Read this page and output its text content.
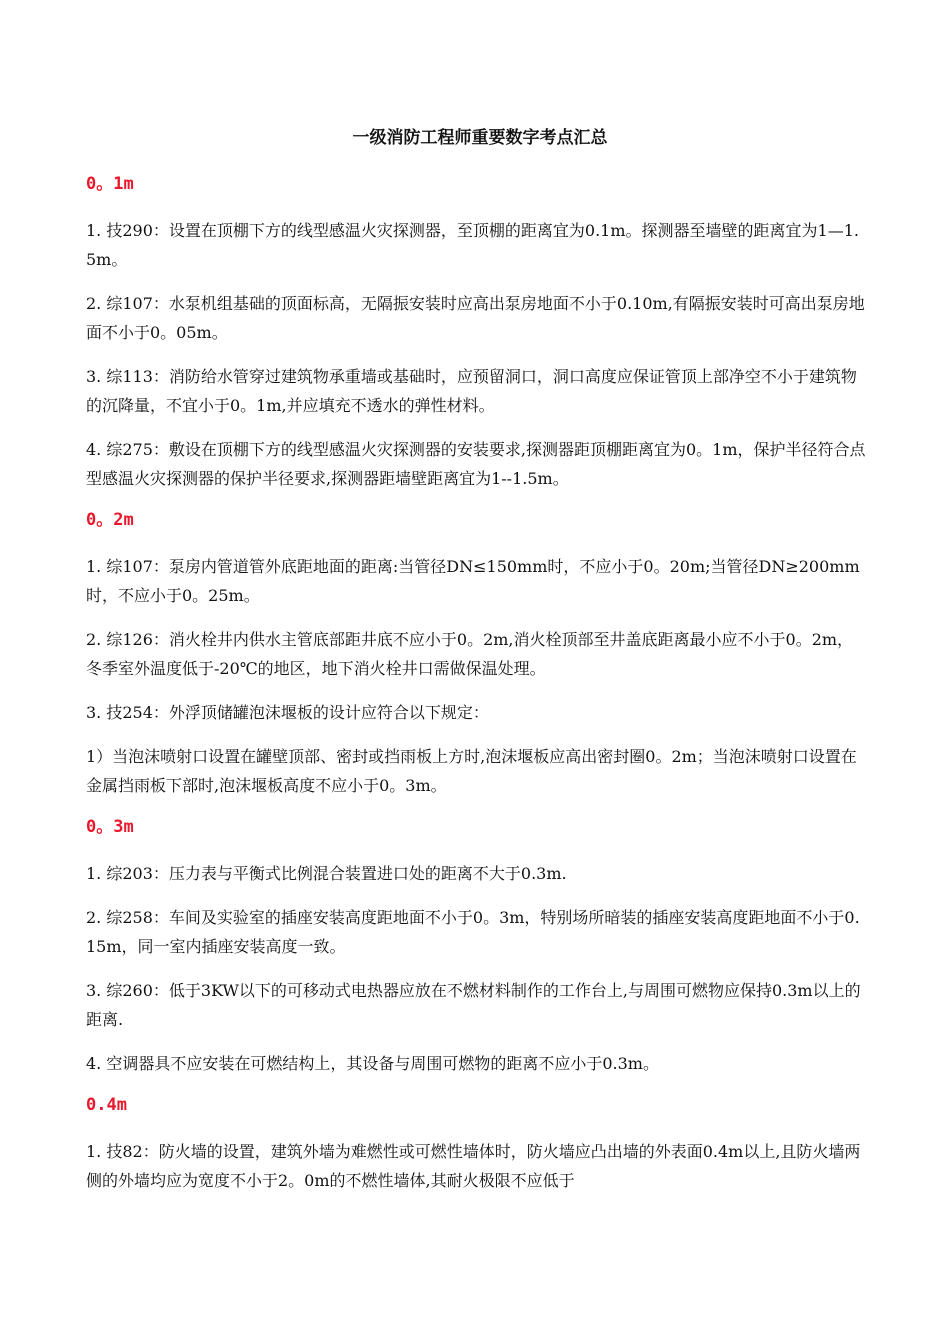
一级消防工程师重要数字考点汇总
0。1m

1. 技290：设置在顶棚下方的线型感温火灾探测器，至顶棚的距离宜为0.1m。探测器至墙壁的距离宜为1—1.5m。

2. 综107：水泵机组基础的顶面标高，无隔振安装时应高出泵房地面不小于0.10m,有隔振安装时可高出泵房地面不小于0。05m。

3. 综113：消防给水管穿过建筑物承重墙或基础时，应预留洞口，洞口高度应保证管顶上部净空不小于建筑物的沉降量，不宜小于0。1m,并应填充不透水的弹性材料。

4. 综275：敷设在顶棚下方的线型感温火灾探测器的安装要求,探测器距顶棚距离宜为0。1m，保护半径符合点型感温火灾探测器的保护半径要求,探测器距墙壁距离宜为1--1.5m。

0。2m

1. 综107：泵房内管道管外底距地面的距离:当管径DN≤150mm时，不应小于0。20m;当管径DN≥200mm时，不应小于0。25m。

2. 综126：消火栓井内供水主管底部距井底不应小于0。2m,消火栓顶部至井盖底距离最小应不小于0。2m，冬季室外温度低于-20℃的地区，地下消火栓井口需做保温处理。

3. 技254：外浮顶储罐泡沫堰板的设计应符合以下规定：

1）当泡沫喷射口设置在罐壁顶部、密封或挡雨板上方时,泡沫堰板应高出密封圈0。2m；当泡沫喷射口设置在金属挡雨板下部时,泡沫堰板高度不应小于0。3m。

0。3m

1. 综203：压力表与平衡式比例混合装置进口处的距离不大于0.3m.

2. 综258：车间及实验室的插座安装高度距地面不小于0。3m，特别场所暗装的插座安装高度距地面不小于0.15m，同一室内插座安装高度一致。

3. 综260：低于3KW以下的可移动式电热器应放在不燃材料制作的工作台上,与周围可燃物应保持0.3m以上的距离.

4. 空调器具不应安装在可燃结构上，其设备与周围可燃物的距离不应小于0.3m。

0.4m

1. 技82：防火墙的设置，建筑外墙为难燃性或可燃性墙体时，防火墙应凸出墙的外表面0.4m以上,且防火墙两侧的外墙均应为宽度不小于2。0m的不燃性墙体,其耐火极限不应低于
